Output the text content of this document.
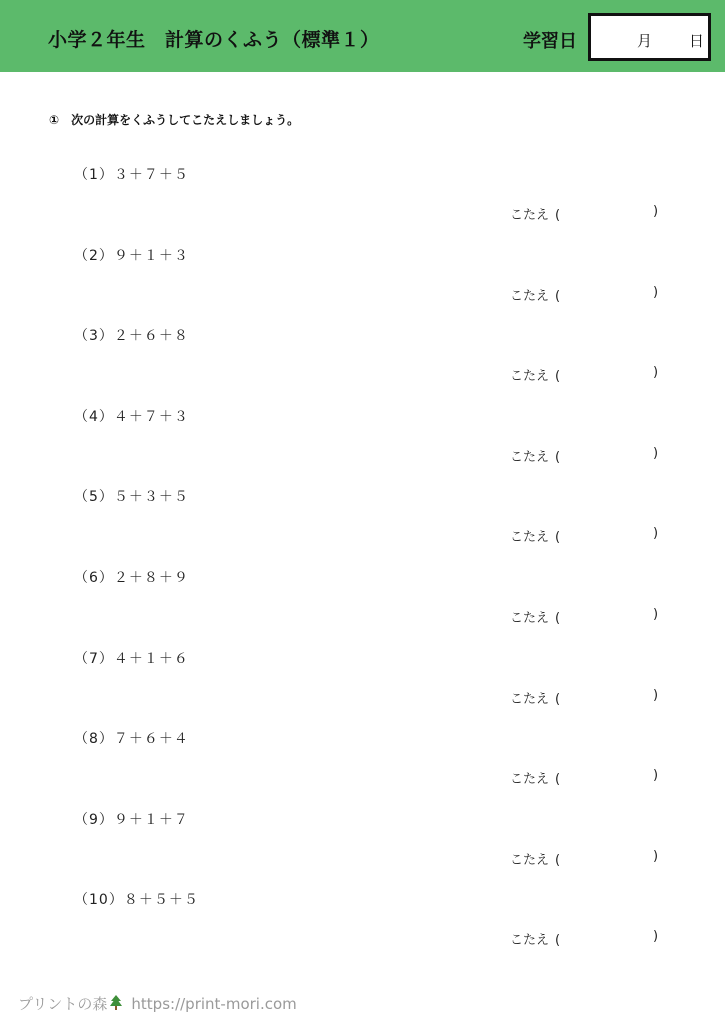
小学２年生　計算のくふう（標準１）	学習日	月 日
① 次の計算をくふうしてこたえしましょう。
（1）３＋７＋５
こたえ (	)
（2）９＋１＋３
こたえ (	)
（3）２＋６＋８
こたえ (	)
（4）４＋７＋３
こたえ (	)
（5）５＋３＋５
こたえ (	)
（6）２＋８＋９
こたえ (	)
（7）４＋１＋６
こたえ (	)
（8）７＋６＋４
こたえ (	)
（9）９＋１＋７
こたえ (	)
（10）８＋５＋５
こたえ (	)
プリントの森 https://print-mori.com
